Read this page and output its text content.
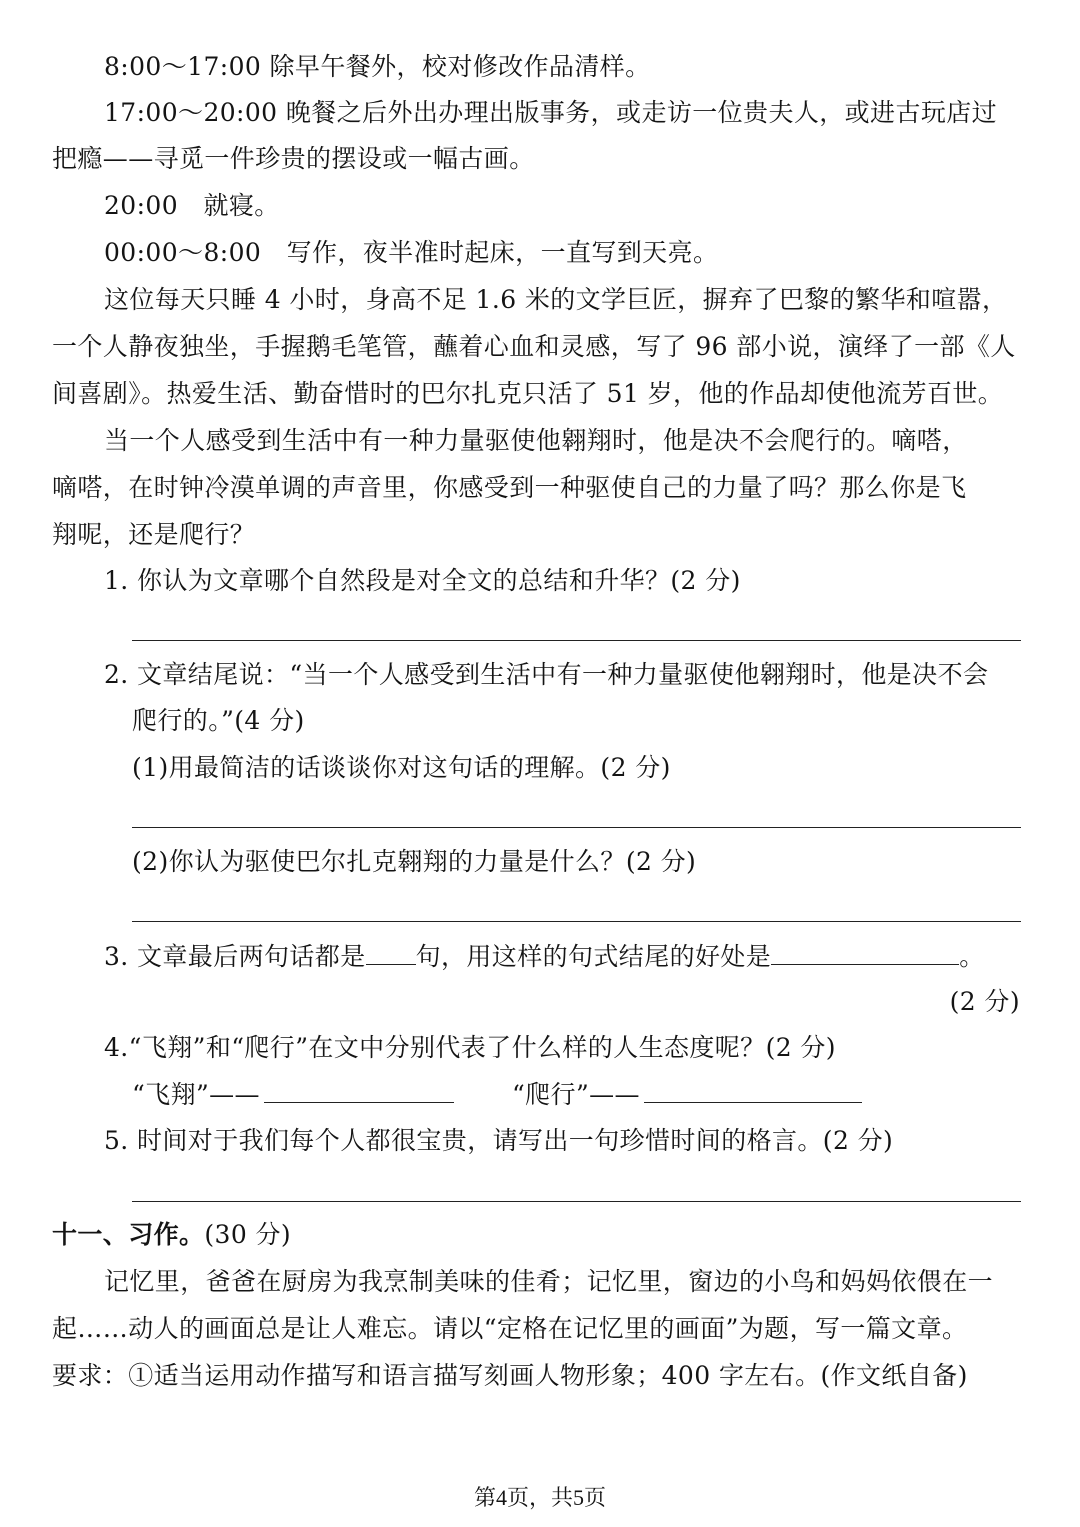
8:00～17:00 除早午餐外，校对修改作品清样。
17:00～20:00 晚餐之后外出办理出版事务，或走访一位贵夫人，或进古玩店过
把瘾——寻觅一件珍贵的摆设或一幅古画。
20:00　就寝。
00:00～8:00　写作，夜半准时起床，一直写到天亮。
这位每天只睡 4 小时，身高不足 1.6 米的文学巨匠，摒弃了巴黎的繁华和喧嚣，
一个人静夜独坐，手握鹅毛笔管，蘸着心血和灵感，写了 96 部小说，演绎了一部《人
间喜剧》。热爱生活、勤奋惜时的巴尔扎克只活了 51 岁，他的作品却使他流芳百世。
当一个人感受到生活中有一种力量驱使他翱翔时，他是决不会爬行的。嘀嗒，
嘀嗒，在时钟冷漠单调的声音里，你感受到一种驱使自己的力量了吗？那么你是飞
翔呢，还是爬行？
1. 你认为文章哪个自然段是对全文的总结和升华？(2 分)
2. 文章结尾说：“当一个人感受到生活中有一种力量驱使他翱翔时，他是决不会
爬行的。”(4 分)
(1)用最简洁的话谈谈你对这句话的理解。(2 分)
(2)你认为驱使巴尔扎克翱翔的力量是什么？(2 分)
3. 文章最后两句话都是 句，用这样的句式结尾的好处是	。
(2 分)
4.“飞翔”和“爬行”在文中分别代表了什么样的人生态度呢？(2 分)
“飞翔”——	“爬行”——
5. 时间对于我们每个人都很宝贵，请写出一句珍惜时间的格言。(2 分)
十一、习作。(30 分)
记忆里，爸爸在厨房为我烹制美味的佳肴；记忆里，窗边的小鸟和妈妈依偎在一
起……动人的画面总是让人难忘。请以“定格在记忆里的画面”为题，写一篇文章。
要求：①适当运用动作描写和语言描写刻画人物形象；400 字左右。(作文纸自备)
第4页，共5页
